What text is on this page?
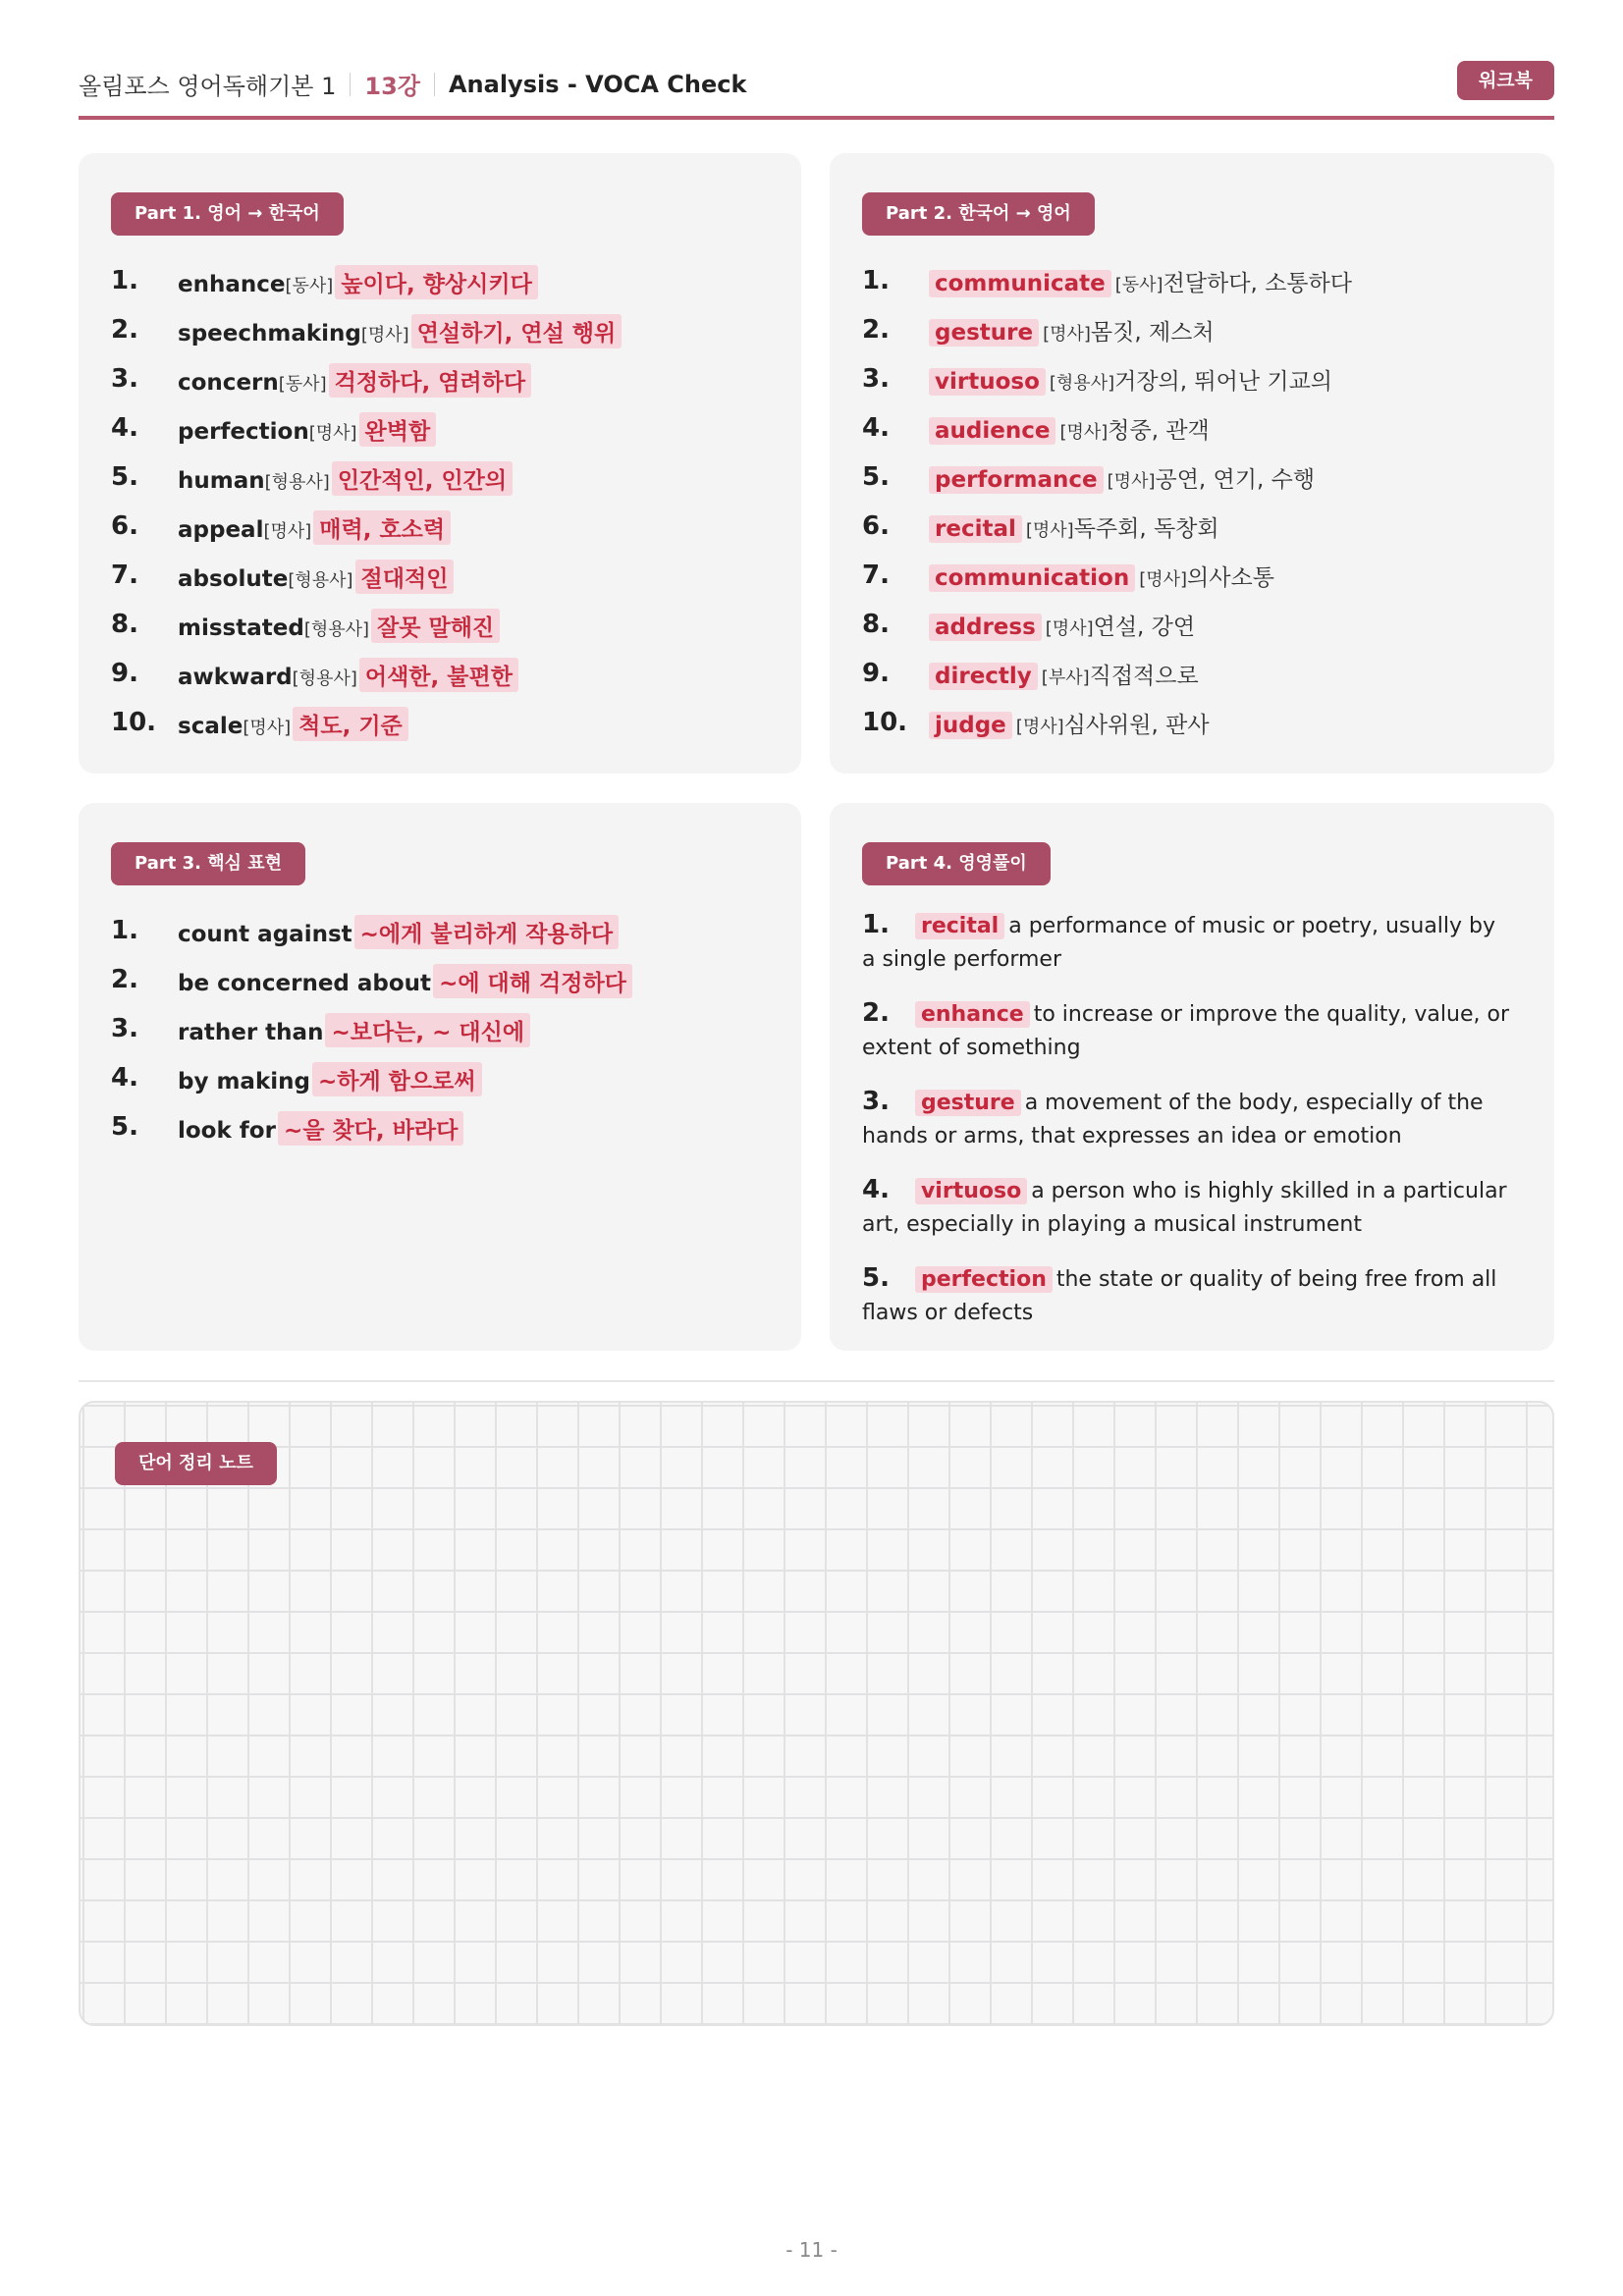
올림포스 영어독해기본 1 13강 Analysis - VOCA Check	워크북
Part 1. 영어 → 한국어
1. enhance [동사] 높이다, 향상시키다
2. speechmaking [명사] 연설하기, 연설 행위
3. concern [동사] 걱정하다, 염려하다
4. perfection [명사] 완벽함
5. human [형용사] 인간적인, 인간의
6. appeal [명사] 매력, 호소력
7. absolute [형용사] 절대적인
8. misstated [형용사] 잘못 말해진
9. awkward [형용사] 어색한, 불편한
10. scale [명사] 척도, 기준
Part 2. 한국어 → 영어
1. communicate [동사] 전달하다, 소통하다
2. gesture [명사] 몸짓, 제스처
3. virtuoso [형용사] 거장의, 뛰어난 기교의
4. audience [명사] 청중, 관객
5. performance [명사] 공연, 연기, 수행
6. recital [명사] 독주회, 독창회
7. communication [명사] 의사소통
8. address [명사] 연설, 강연
9. directly [부사] 직접적으로
10. judge [명사] 심사위원, 판사
Part 3. 핵심 표현
1. count against ~에게 불리하게 작용하다
2. be concerned about ~에 대해 걱정하다
3. rather than ~보다는, ~ 대신에
4. by making ~하게 함으로써
5. look for ~을 찾다, 바라다
Part 4. 영영풀이
1. recital a performance of music or poetry, usually by a single performer
2. enhance to increase or improve the quality, value, or extent of something
3. gesture a movement of the body, especially of the hands or arms, that expresses an idea or emotion
4. virtuoso a person who is highly skilled in a particular art, especially in playing a musical instrument
5. perfection the state or quality of being free from all flaws or defects
단어 정리 노트
- 11 -
